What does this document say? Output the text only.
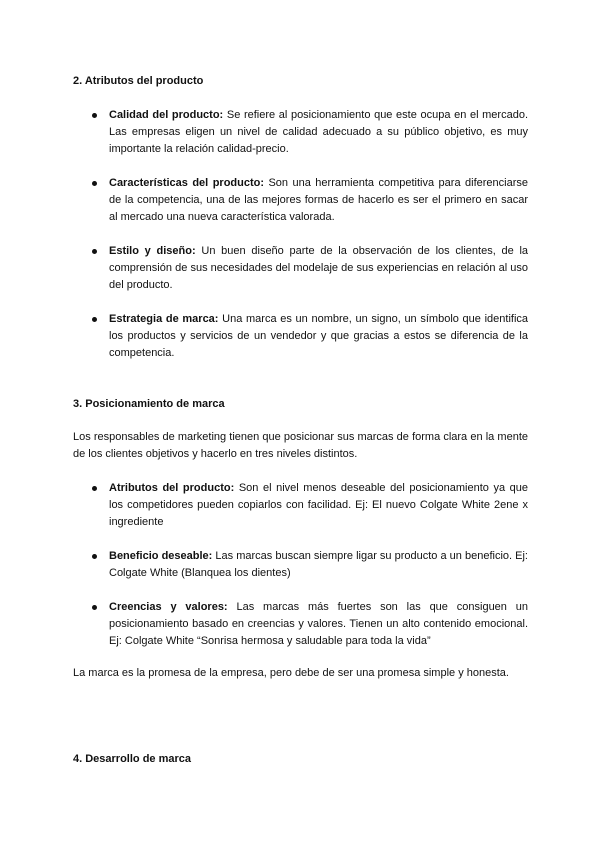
2. Atributos del producto
Calidad del producto: Se refiere al posicionamiento que este ocupa en el mercado. Las empresas eligen un nivel de calidad adecuado a su público objetivo, es muy importante la relación calidad-precio.
Características del producto: Son una herramienta competitiva para diferenciarse de la competencia, una de las mejores formas de hacerlo es ser el primero en sacar al mercado una nueva característica valorada.
Estilo y diseño: Un buen diseño parte de la observación de los clientes, de la comprensión de sus necesidades del modelaje de sus experiencias en relación al uso del producto.
Estrategia de marca: Una marca es un nombre, un signo, un símbolo que identifica los productos y servicios de un vendedor y que gracias a estos se diferencia de la competencia.
3. Posicionamiento de marca

Los responsables de marketing tienen que posicionar sus marcas de forma clara en la mente de los clientes objetivos y hacerlo en tres niveles distintos.

Atributos del producto: Son el nivel menos deseable del posicionamiento ya que los competidores pueden copiarlos con facilidad. Ej: El nuevo Colgate White 2ene x ingrediente
Beneficio deseable: Las marcas buscan siempre ligar su producto a un beneficio. Ej: Colgate White (Blanquea los dientes)
Creencias y valores: Las marcas más fuertes son las que consiguen un posicionamiento basado en creencias y valores. Tienen un alto contenido emocional. Ej: Colgate White “Sonrisa hermosa y saludable para toda la vida”

La marca es la promesa de la empresa, pero debe de ser una promesa simple y honesta.

4. Desarrollo de marca
